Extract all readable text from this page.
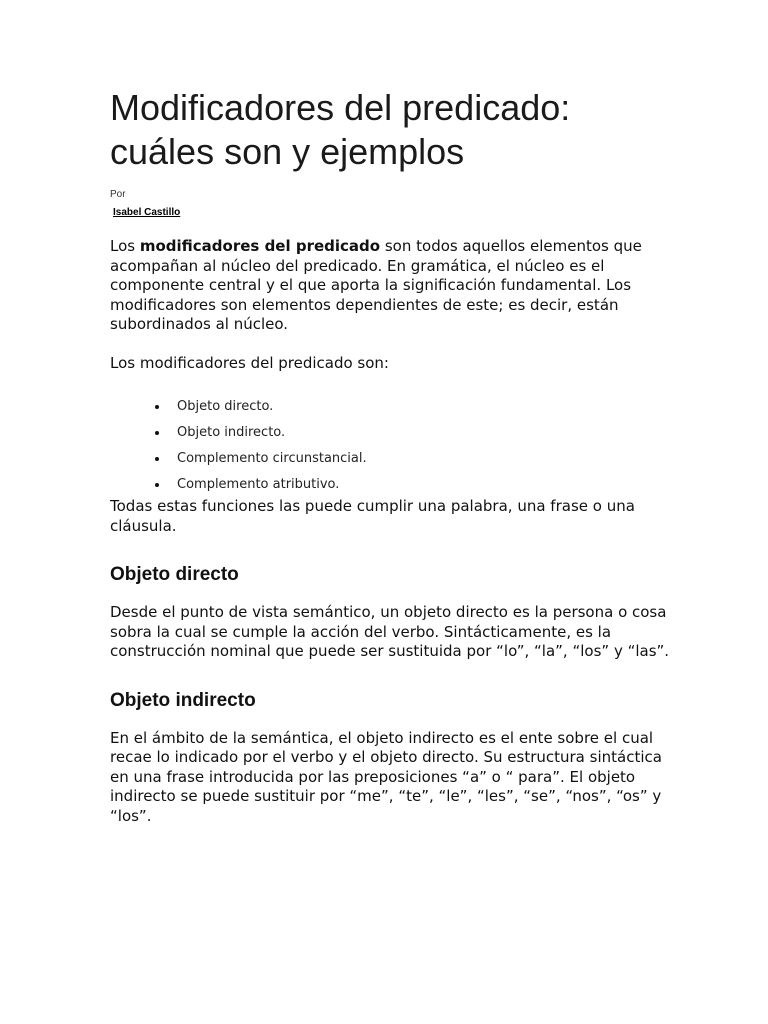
Modificadores del predicado: cuáles son y ejemplos
Por
Isabel Castillo

Los modificadores del predicado son todos aquellos elementos que acompañan al núcleo del predicado. En gramática, el núcleo es el componente central y el que aporta la significación fundamental. Los modificadores son elementos dependientes de este; es decir, están subordinados al núcleo.

Los modificadores del predicado son:

Objeto directo.
Objeto indirecto.
Complemento circunstancial.
Complemento atributivo.

Todas estas funciones las puede cumplir una palabra, una frase o una cláusula.

Objeto directo

Desde el punto de vista semántico, un objeto directo es la persona o cosa sobra la cual se cumple la acción del verbo. Sintácticamente, es la construcción nominal que puede ser sustituida por “lo”, “la”, “los” y “las”.

Objeto indirecto

En el ámbito de la semántica, el objeto indirecto es el ente sobre el cual recae lo indicado por el verbo y el objeto directo. Su estructura sintáctica en una frase introducida por las preposiciones “a” o “ para”. El objeto indirecto se puede sustituir por “me”, “te”, “le”, “les”, “se”, “nos”, “os” y “los”.
